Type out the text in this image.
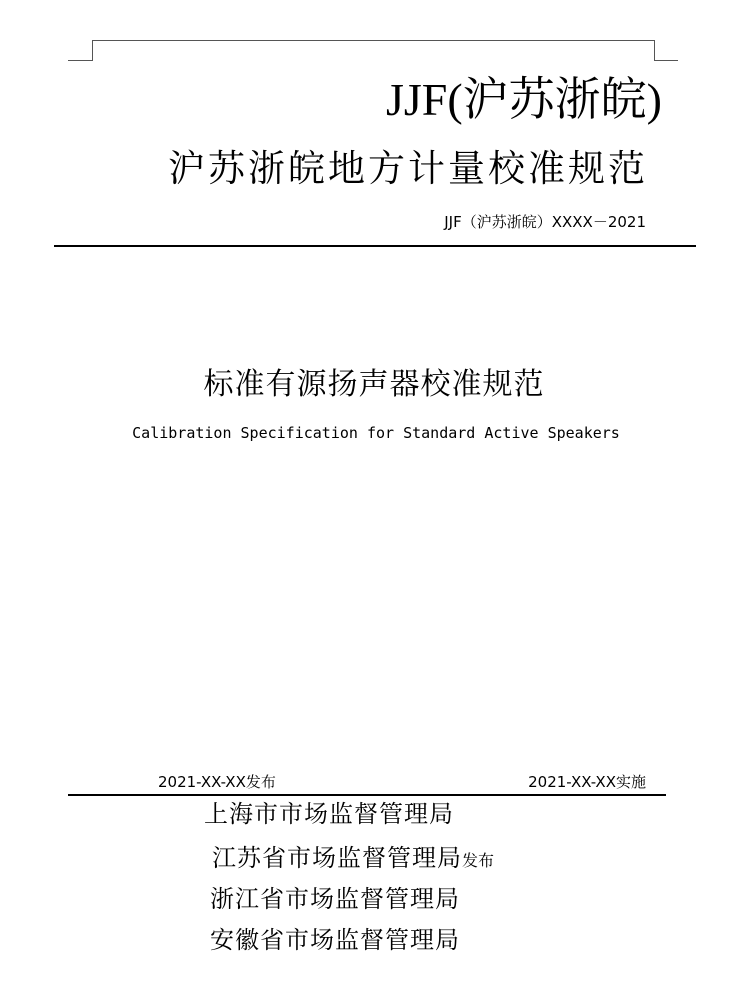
JJF(沪苏浙皖)
沪苏浙皖地方计量校准规范
JJF（沪苏浙皖）XXXX－2021
标准有源扬声器校准规范
Calibration Specification for Standard Active Speakers
2021-XX-XX发布	2021-XX-XX实施
上海市市场监督管理局
江苏省市场监督管理局发布
浙江省市场监督管理局
安徽省市场监督管理局
